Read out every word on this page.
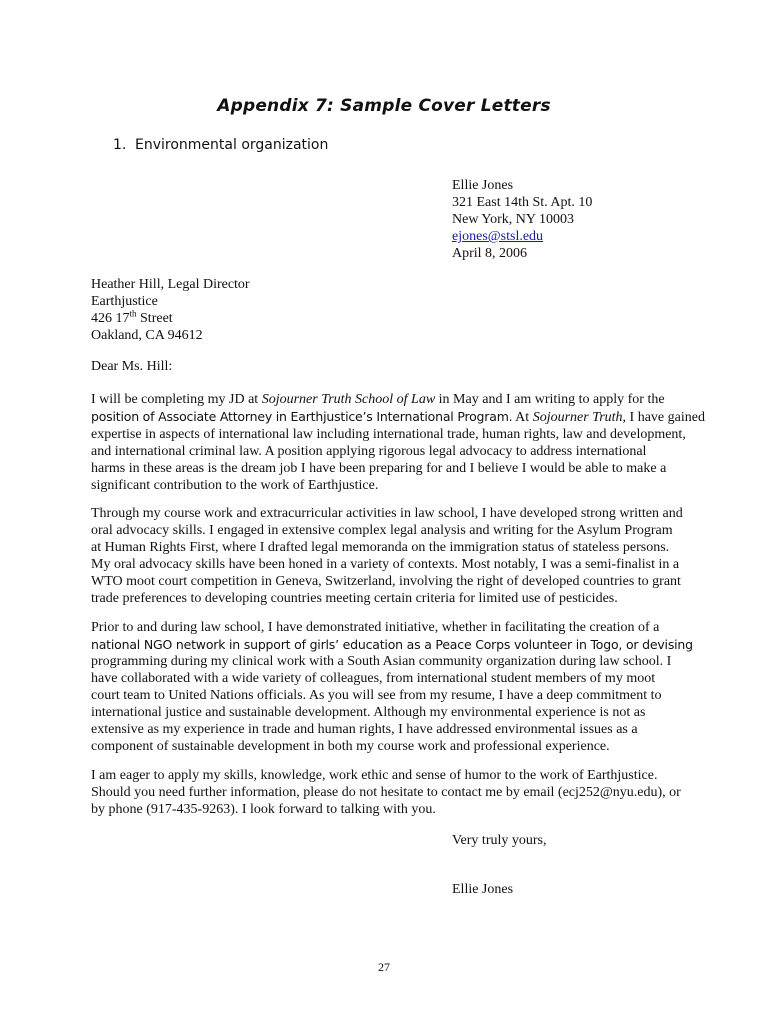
Appendix 7: Sample Cover Letters
1. Environmental organization
Ellie Jones
321 East 14th St. Apt. 10
New York, NY 10003
ejones@stsl.edu
April 8, 2006
Heather Hill, Legal Director
Earthjustice
426 17th Street
Oakland, CA 94612
Dear Ms. Hill:
I will be completing my JD at Sojourner Truth School of Law in May and I am writing to apply for the
position of Associate Attorney in Earthjustice’s International Program. At Sojourner Truth, I have gained
expertise in aspects of international law including international trade, human rights, law and development,
and international criminal law. A position applying rigorous legal advocacy to address international
harms in these areas is the dream job I have been preparing for and I believe I would be able to make a
significant contribution to the work of Earthjustice.
Through my course work and extracurricular activities in law school, I have developed strong written and
oral advocacy skills. I engaged in extensive complex legal analysis and writing for the Asylum Program
at Human Rights First, where I drafted legal memoranda on the immigration status of stateless persons.
My oral advocacy skills have been honed in a variety of contexts. Most notably, I was a semi-finalist in a
WTO moot court competition in Geneva, Switzerland, involving the right of developed countries to grant
trade preferences to developing countries meeting certain criteria for limited use of pesticides.
Prior to and during law school, I have demonstrated initiative, whether in facilitating the creation of a
national NGO network in support of girls’ education as a Peace Corps volunteer in Togo, or devising
programming during my clinical work with a South Asian community organization during law school. I
have collaborated with a wide variety of colleagues, from international student members of my moot
court team to United Nations officials. As you will see from my resume, I have a deep commitment to
international justice and sustainable development. Although my environmental experience is not as
extensive as my experience in trade and human rights, I have addressed environmental issues as a
component of sustainable development in both my course work and professional experience.
I am eager to apply my skills, knowledge, work ethic and sense of humor to the work of Earthjustice.
Should you need further information, please do not hesitate to contact me by email (ecj252@nyu.edu), or
by phone (917-435-9263). I look forward to talking with you.
Very truly yours,
Ellie Jones
27
